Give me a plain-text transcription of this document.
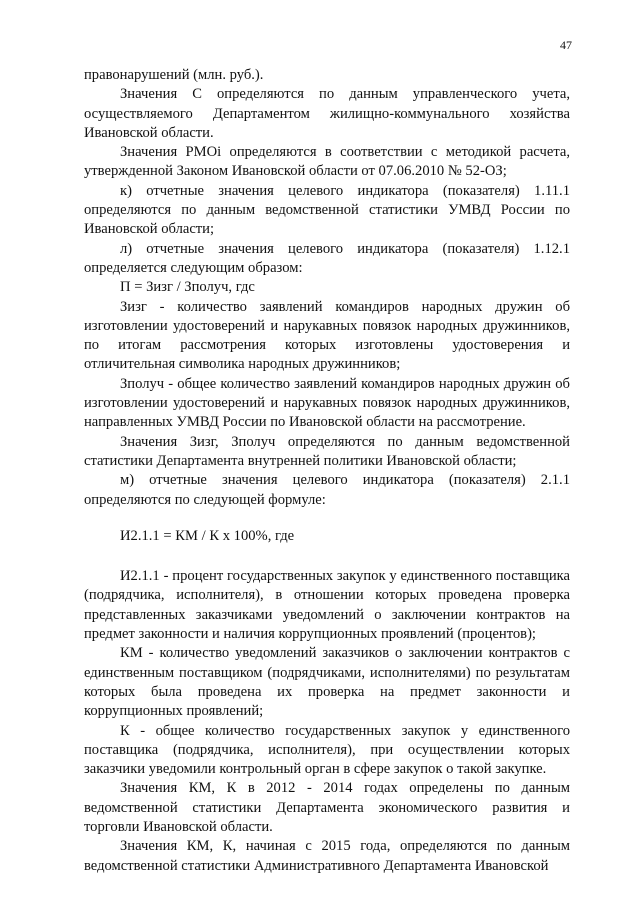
47

правонарушений (млн. руб.).

Значения С определяются по данным управленческого учета, осуществляемого Департаментом жилищно-коммунального хозяйства Ивановской области.

Значения РМОі определяются в соответствии с методикой расчета, утвержденной Законом Ивановской области от 07.06.2010 № 52-ОЗ;

к) отчетные значения целевого индикатора (показателя) 1.11.1 определяются по данным ведомственной статистики УМВД России по Ивановской области;

л) отчетные значения целевого индикатора (показателя) 1.12.1 определяется следующим образом:

П = Зизг / Зполуч, гдс

Зизг - количество заявлений командиров народных дружин об изготовлении удостоверений и нарукавных повязок народных дружинников, по итогам рассмотрения которых изготовлены удостоверения и отличительная символика народных дружинников;

Зполуч - общее количество заявлений командиров народных дружин об изготовлении удостоверений и нарукавных повязок народных дружинников, направленных УМВД России по Ивановской области на рассмотрение.

Значения Зизг, Зполуч определяются по данным ведомственной статистики Департамента внутренней политики Ивановской области;

м) отчетные значения целевого индикатора (показателя) 2.1.1 определяются по следующей формуле:

И2.1.1 = КМ / К х 100%, где

И2.1.1 - процент государственных закупок у единственного поставщика (подрядчика, исполнителя), в отношении которых проведена проверка представленных заказчиками уведомлений о заключении контрактов на предмет законности и наличия коррупционных проявлений (процентов);

КМ - количество уведомлений заказчиков о заключении контрактов с единственным поставщиком (подрядчиками, исполнителями) по результатам которых была проведена их проверка на предмет законности и коррупционных проявлений;

К - общее количество государственных закупок у единственного поставщика (подрядчика, исполнителя), при осуществлении которых заказчики уведомили контрольный орган в сфере закупок о такой закупке.

Значения КМ, К в 2012 - 2014 годах определены по данным ведомственной статистики Департамента экономического развития и торговли Ивановской области.

Значения КМ, К, начиная с 2015 года, определяются по данным ведомственной статистики Административного Департамента Ивановской
